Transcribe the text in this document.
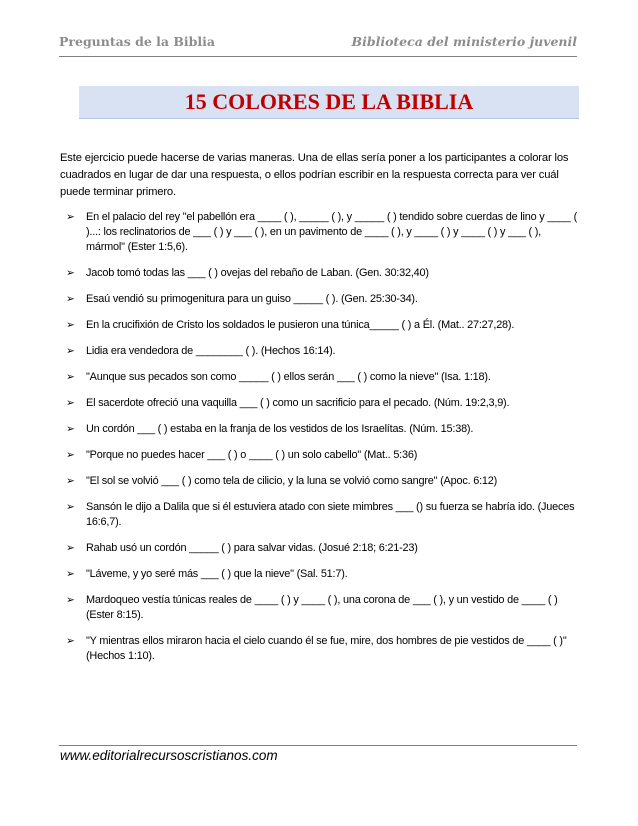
Preguntas de la Biblia	Biblioteca del ministerio juvenil
15 COLORES DE LA BIBLIA
Este ejercicio puede hacerse de varias maneras. Una de ellas sería poner a los participantes a colorar los cuadrados en lugar de dar una respuesta, o ellos podrían escribir en la respuesta correcta para ver cuál puede terminar primero.
➢ En el palacio del rey "el pabellón era ____ ( ), _____ ( ), y _____ ( ) tendido sobre cuerdas de lino y ____ ( )...: los reclinatorios de ___ ( ) y ___ ( ), en un pavimento de ____ ( ), y ____ ( ) y ____ ( ) y ___ ( ), mármol" (Ester 1:5,6).
➢ Jacob tomó todas las ___ ( ) ovejas del rebaño de Laban. (Gen. 30:32,40)
➢ Esaú vendió su primogenitura para un guiso _____ ( ). (Gen. 25:30-34).
➢ En la crucifixión de Cristo los soldados le pusieron una túnica_____ ( ) a Él. (Mat.. 27:27,28).
➢ Lidia era vendedora de ________ ( ). (Hechos 16:14).
➢ "Aunque sus pecados son como _____ ( ) ellos serán ___ ( ) como la nieve" (Isa. 1:18).
➢ El sacerdote ofreció una vaquilla ___ ( ) como un sacrificio para el pecado. (Núm. 19:2,3,9).
➢ Un cordón ___ ( ) estaba en la franja de los vestidos de los Israelítas. (Núm. 15:38).
➢ "Porque no puedes hacer ___ ( ) o ____ ( ) un solo cabello" (Mat.. 5:36)
➢ "El sol se volvió ___ ( ) como tela de cilicio, y la luna se volvió como sangre" (Apoc. 6:12)
➢ Sansón le dijo a Dalila que si él estuviera atado con siete mimbres ___ () su fuerza se habría ido. (Jueces 16:6,7).
➢ Rahab usó un cordón _____ ( ) para salvar vidas. (Josué 2:18; 6:21-23)
➢ "Láveme, y yo seré más ___ ( ) que la nieve" (Sal. 51:7).
➢ Mardoqueo vestía túnicas reales de ____ ( ) y ____ ( ), una corona de ___ ( ), y un vestido de ____ ( ) (Ester 8:15).
➢ "Y mientras ellos miraron hacia el cielo cuando él se fue, mire, dos hombres de pie vestidos de ____ ( )" (Hechos 1:10).
www.editorialrecursoscristianos.com
